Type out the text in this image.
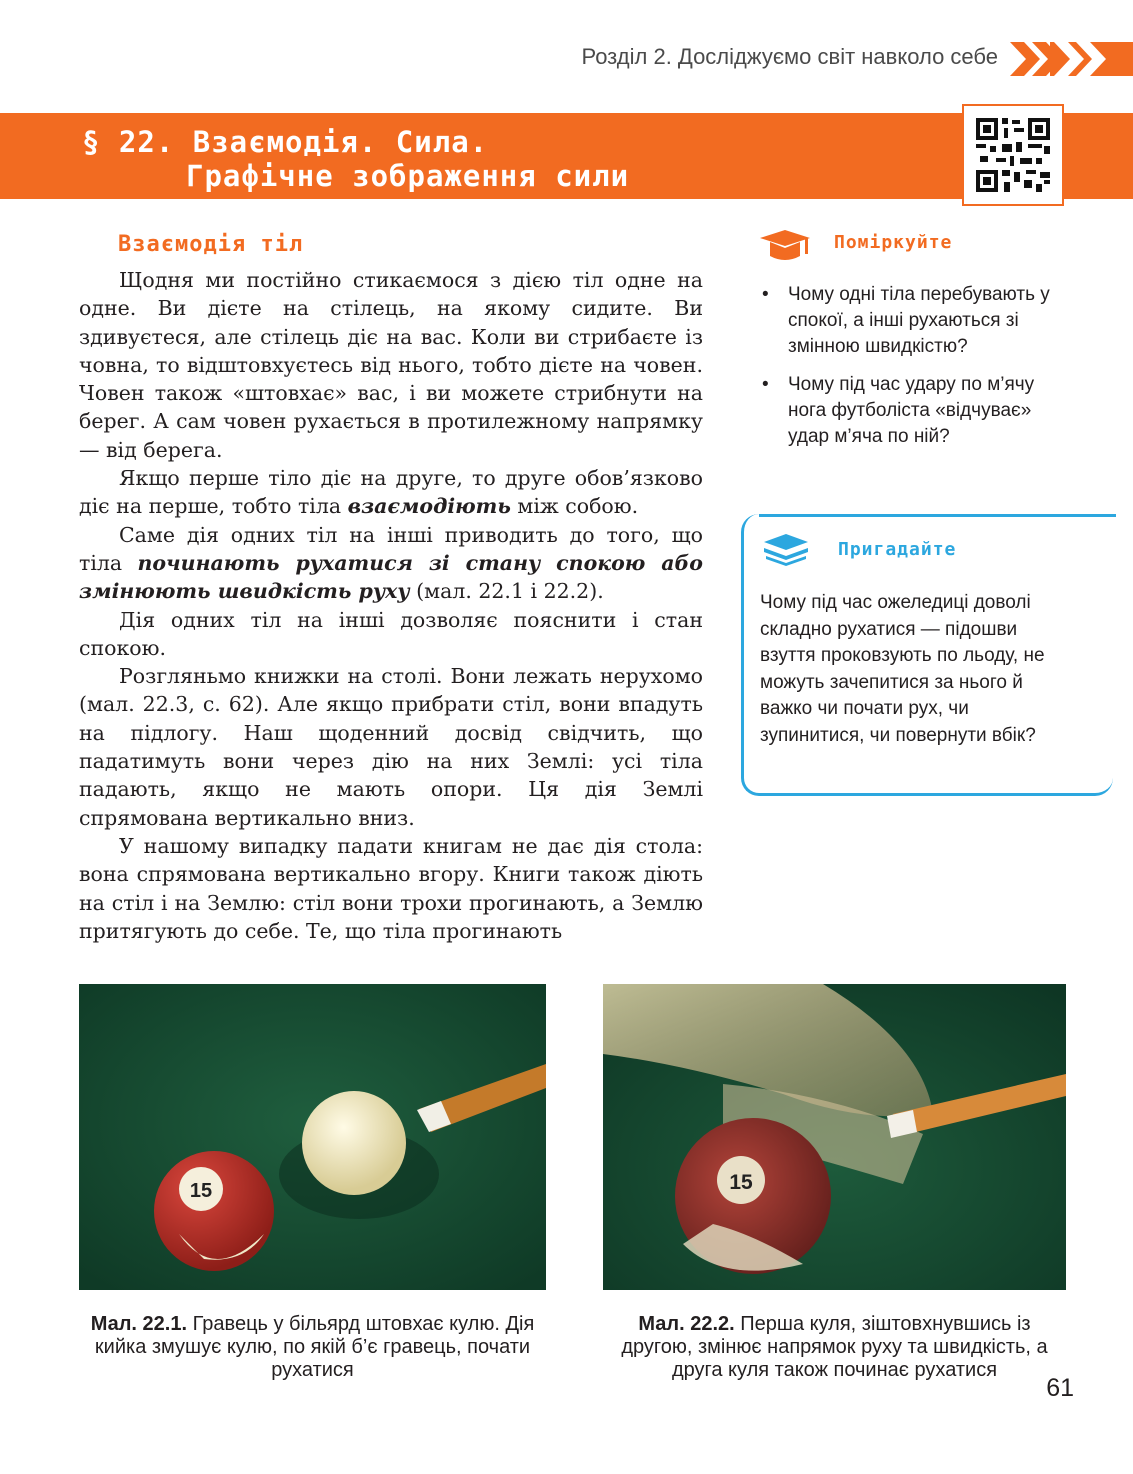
Розділ 2. Досліджуємо світ навколо себе
§ 22. Взаємодія. Сила.
Графічне зображення сили
Взаємодія тіл

Щодня ми постійно стикаємося з дією тіл одне на одне. Ви дієте на стілець, на якому сидите. Ви здивуєтеся, але стілець діє на вас. Коли ви стрибаєте із човна, то відштовхуєтесь від нього, тобто дієте на човен. Човен також «штовхає» вас, і ви можете стрибнути на берег. А сам човен рухається в протилежному напрямку — від берега.

Якщо перше тіло діє на друге, то друге обов’язково діє на перше, тобто тіла взаємодіють між собою.

Саме дія одних тіл на інші приводить до того, що тіла починають рухатися зі стану спокою або змінюють швидкість руху (мал. 22.1 і 22.2).

Дія одних тіл на інші дозволяє пояснити і стан спокою.

Розгляньмо книжки на столі. Вони лежать нерухомо (мал. 22.3, с. 62). Але якщо прибрати стіл, вони впадуть на підлогу. Наш щоденний досвід свідчить, що падатимуть вони через дію на них Землі: усі тіла падають, якщо не мають опори. Ця дія Землі спрямована вертикально вниз.

У нашому випадку падати книгам не дає дія стола: вона спрямована вертикально вгору. Книги також діють на стіл і на Землю: стіл вони трохи прогинають, а Землю притягують до себе. Те, що тіла прогинають

Поміркуйте
• Чому одні тіла перебувають у спокої, а інші рухаються зі змінною швидкістю?
• Чому під час удару по м’ячу нога футболіста «відчуває» удар м’яча по ній?
Пригадайте
Чому під час ожеледиці доволі складно рухатися — підошви взуття проковзують по льоду, не можуть зачепитися за нього й важко чи почати рух, чи зупинитися, чи повернути вбік?
15	15
Мал. 22.1. Гравець у більярд штовхає кулю. Дія кийка змушує кулю, по якій б’є гравець, почати рухатися
Мал. 22.2. Перша куля, зіштовхнувшись із другою, змінює напрямок руху та швидкість, а друга куля також починає рухатися
61
